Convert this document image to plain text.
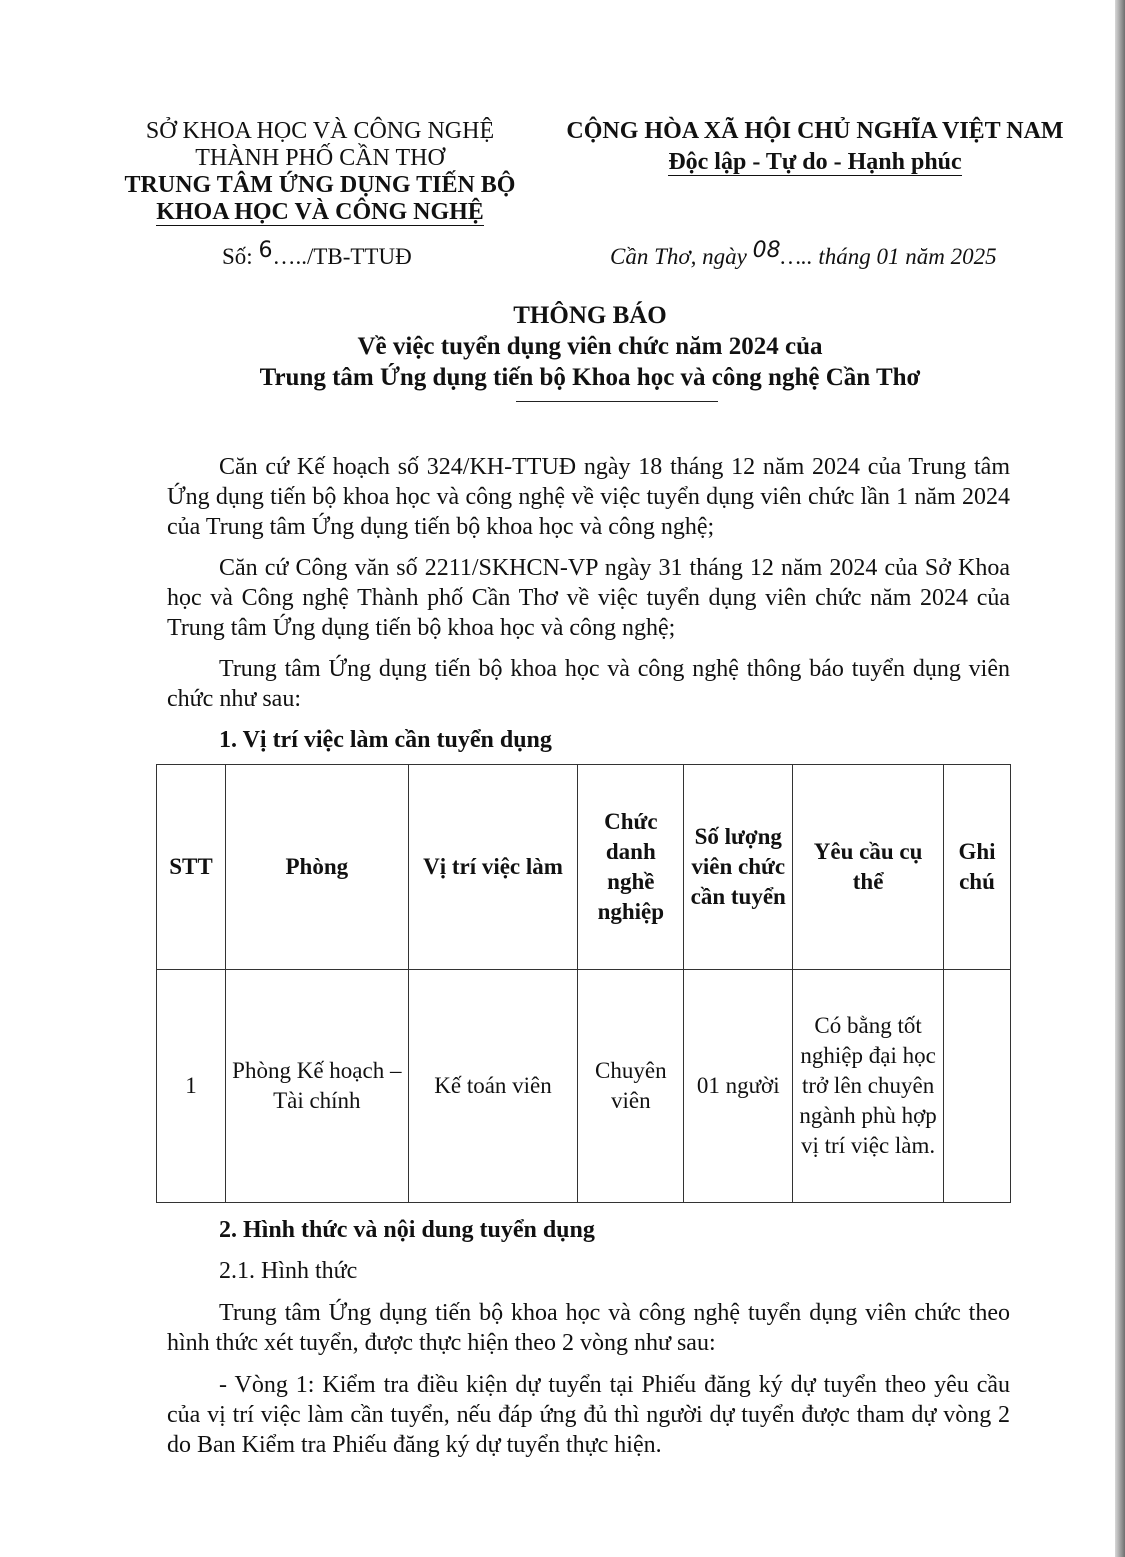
SỞ KHOA HỌC VÀ CÔNG NGHỆ
THÀNH PHỐ CẦN THƠ
TRUNG TÂM ỨNG DỤNG TIẾN BỘ
KHOA HỌC VÀ CÔNG NGHỆ
CỘNG HÒA XÃ HỘI CHỦ NGHĨA VIỆT NAM
Độc lập - Tự do - Hạnh phúc
Số: 6…../TB-TTUĐ	Cần Thơ, ngày 08….. tháng 01 năm 2025
THÔNG BÁO
Về việc tuyển dụng viên chức năm 2024 của
Trung tâm Ứng dụng tiến bộ Khoa học và công nghệ Cần Thơ
Căn cứ Kế hoạch số 324/KH-TTUĐ ngày 18 tháng 12 năm 2024 của Trung tâm Ứng dụng tiến bộ khoa học và công nghệ về việc tuyển dụng viên chức lần 1 năm 2024 của Trung tâm Ứng dụng tiến bộ khoa học và công nghệ;
Căn cứ Công văn số 2211/SKHCN-VP ngày 31 tháng 12 năm 2024 của Sở Khoa học và Công nghệ Thành phố Cần Thơ về việc tuyển dụng viên chức năm 2024 của Trung tâm Ứng dụng tiến bộ khoa học và công nghệ;
Trung tâm Ứng dụng tiến bộ khoa học và công nghệ thông báo tuyển dụng viên chức như sau:
1. Vị trí việc làm cần tuyển dụng
STT	Phòng	Vị trí việc làm	Chức danh nghề nghiệp	Số lượng viên chức cần tuyển	Yêu cầu cụ thể	Ghi chú
1	Phòng Kế hoạch – Tài chính	Kế toán viên	Chuyên viên	01 người	Có bằng tốt nghiệp đại học trở lên chuyên ngành phù hợp vị trí việc làm.	
2. Hình thức và nội dung tuyển dụng
2.1. Hình thức
Trung tâm Ứng dụng tiến bộ khoa học và công nghệ tuyển dụng viên chức theo hình thức xét tuyển, được thực hiện theo 2 vòng như sau:
- Vòng 1: Kiểm tra điều kiện dự tuyển tại Phiếu đăng ký dự tuyển theo yêu cầu của vị trí việc làm cần tuyển, nếu đáp ứng đủ thì người dự tuyển được tham dự vòng 2 do Ban Kiểm tra Phiếu đăng ký dự tuyển thực hiện.
